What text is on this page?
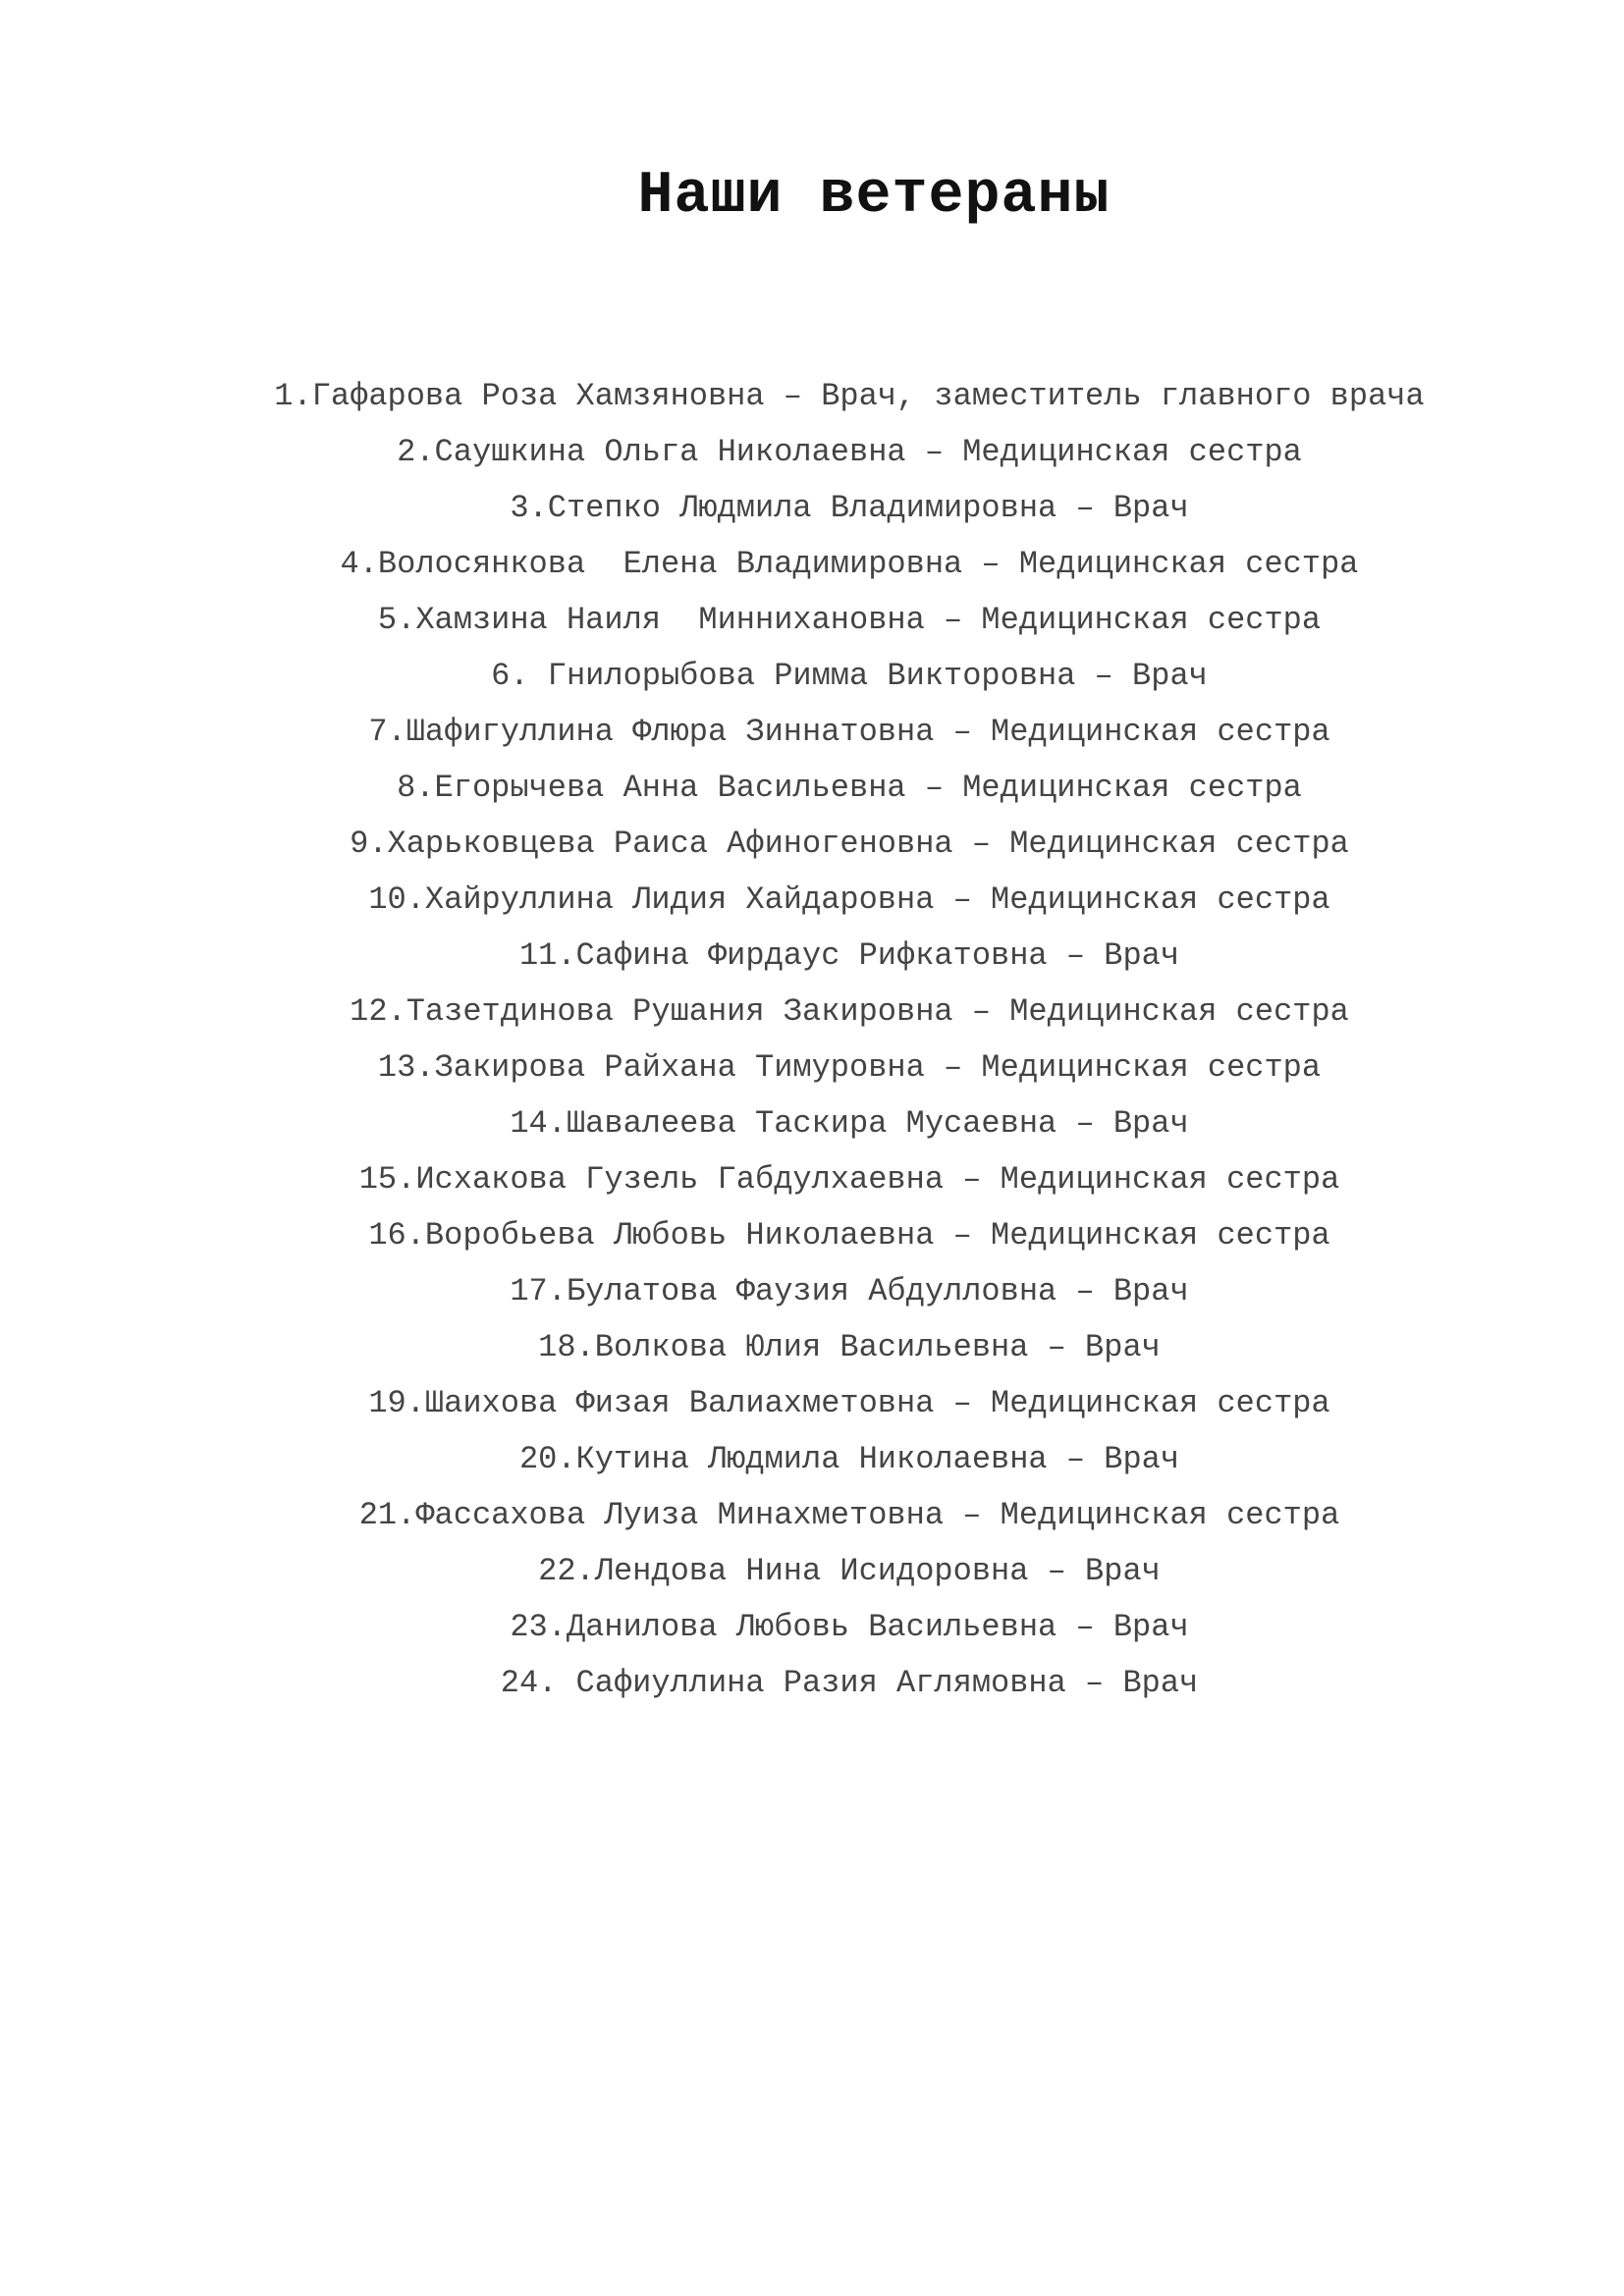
Наши ветераны
1.Гафарова Роза Хамзяновна – Врач, заместитель главного врача
2.Саушкина Ольга Николаевна – Медицинская сестра
3.Степко Людмила Владимировна – Врач
4.Волосянкова  Елена Владимировна – Медицинская сестра
5.Хамзина Наиля  Миннихановна – Медицинская сестра
6. Гнилорыбова Римма Викторовна – Врач
7.Шафигуллина Флюра Зиннатовна – Медицинская сестра
8.Егорычева Анна Васильевна – Медицинская сестра
9.Харьковцева Раиса Афиногеновна – Медицинская сестра
10.Хайруллина Лидия Хайдаровна – Медицинская сестра
11.Сафина Фирдаус Рифкатовна – Врач
12.Тазетдинова Рушания Закировна – Медицинская сестра
13.Закирова Райхана Тимуровна – Медицинская сестра
14.Шавалеева Таскира Мусаевна – Врач
15.Исхакова Гузель Габдулхаевна – Медицинская сестра
16.Воробьева Любовь Николаевна – Медицинская сестра
17.Булатова Фаузия Абдулловна – Врач
18.Волкова Юлия Васильевна – Врач
19.Шаихова Физая Валиахметовна – Медицинская сестра
20.Кутина Людмила Николаевна – Врач
21.Фассахова Луиза Минахметовна – Медицинская сестра
22.Лендова Нина Исидоровна – Врач
23.Данилова Любовь Васильевна – Врач
24. Сафиуллина Разия Аглямовна – Врач
